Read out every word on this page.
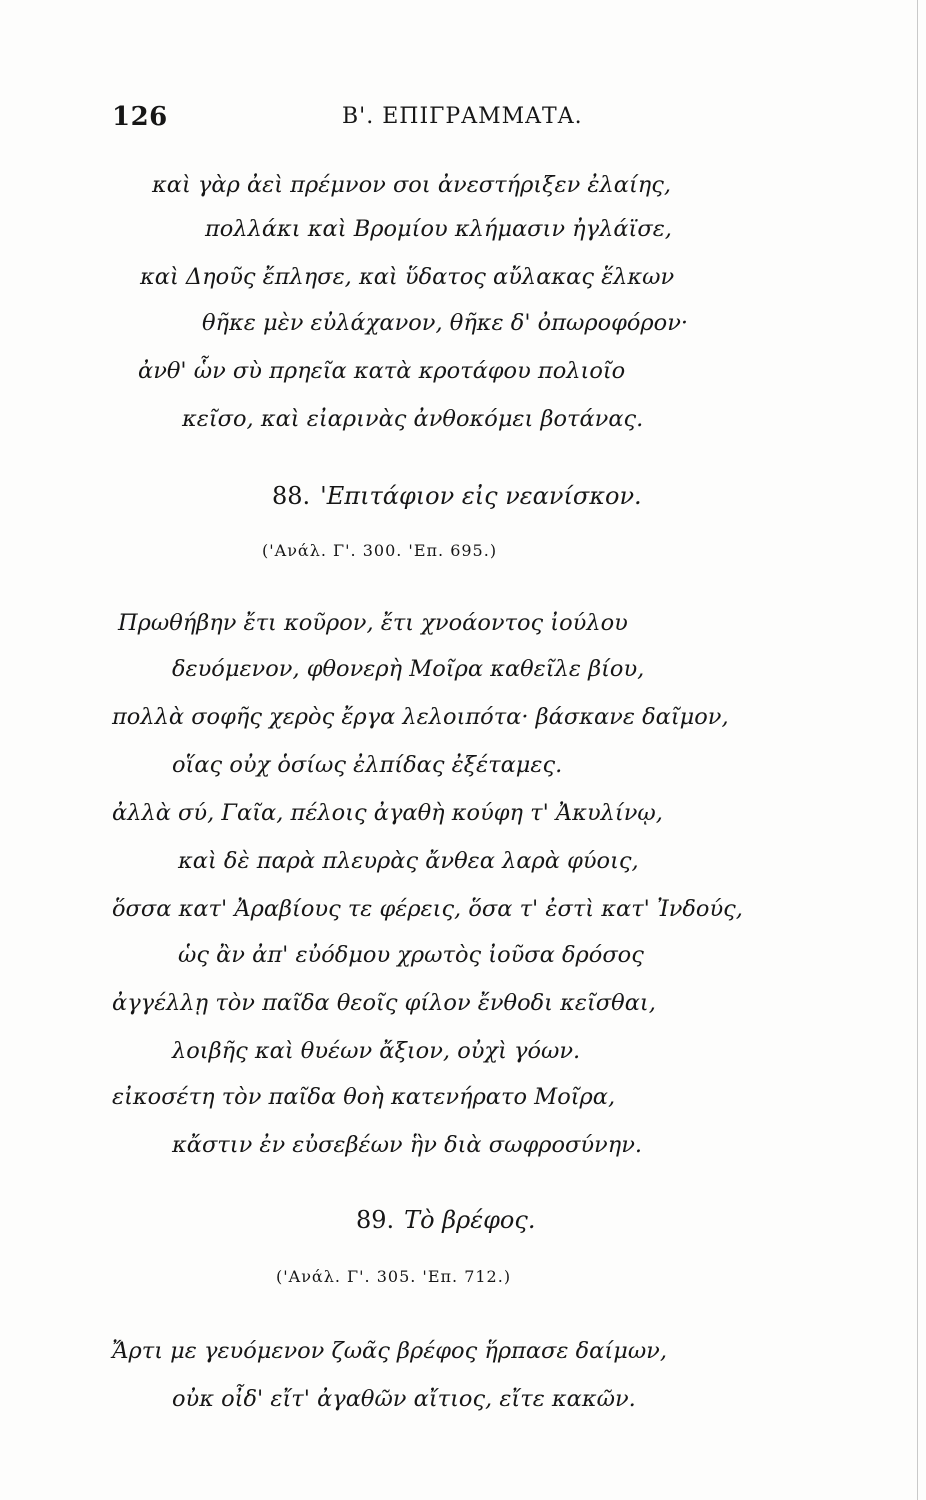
126	Β'. ΕΠΙΓΡΑΜΜΑΤΑ.
καὶ γὰρ ἀεὶ πρέμνον σοι ἀνεστήριξεν ἐλαίης,
πολλάκι καὶ Βρομίου κλήμασιν ἠγλάϊσε,
καὶ Δηοῦς ἔπλησε, καὶ ὕδατος αὔλακας ἕλκων
θῆκε μὲν εὐλάχανον, θῆκε δ' ὀπωροφόρον·
ἀνθ' ὧν σὺ πρηεῖα κατὰ κροτάφου πολιοῖο
κεῖσο, καὶ εἰαρινὰς ἀνθοκόμει βοτάνας.
88. 'Επιτάφιον εἰς νεανίσκον.
('Ανάλ. Γ'. 300. 'Επ. 695.)
Πρωθήβην ἔτι κοῦρον, ἔτι χνοάοντος ἰούλου
δευόμενον, φθονερὴ Μοῖρα καθεῖλε βίου,
πολλὰ σοφῆς χερὸς ἔργα λελοιπότα· βάσκανε δαῖμον,
οἵας οὐχ ὁσίως ἐλπίδας ἐξέταμες.
ἀλλὰ σύ, Γαῖα, πέλοις ἀγαθὴ κούφη τ' Ἀκυλίνῳ,
καὶ δὲ παρὰ πλευρὰς ἄνθεα λαρὰ φύοις,
ὅσσα κατ' Ἀραβίους τε φέρεις, ὅσα τ' ἐστὶ κατ' Ἰνδούς,
ὡς ἂν ἀπ' εὐόδμου χρωτὸς ἰοῦσα δρόσος
ἀγγέλλῃ τὸν παῖδα θεοῖς φίλον ἔνθοδι κεῖσθαι,
λοιβῆς καὶ θυέων ἄξιον, οὐχὶ γόων.
εἰκοσέτη τὸν παῖδα θοὴ κατενήρατο Μοῖρα,
κἄστιν ἐν εὐσεβέων ἣν διὰ σωφροσύνην.
89. Τὸ βρέφος.
('Ανάλ. Γ'. 305. 'Επ. 712.)
Ἄρτι με γευόμενον ζωᾶς βρέφος ἥρπασε δαίμων,
οὐκ οἶδ' εἴτ' ἀγαθῶν αἴτιος, εἴτε κακῶν.
